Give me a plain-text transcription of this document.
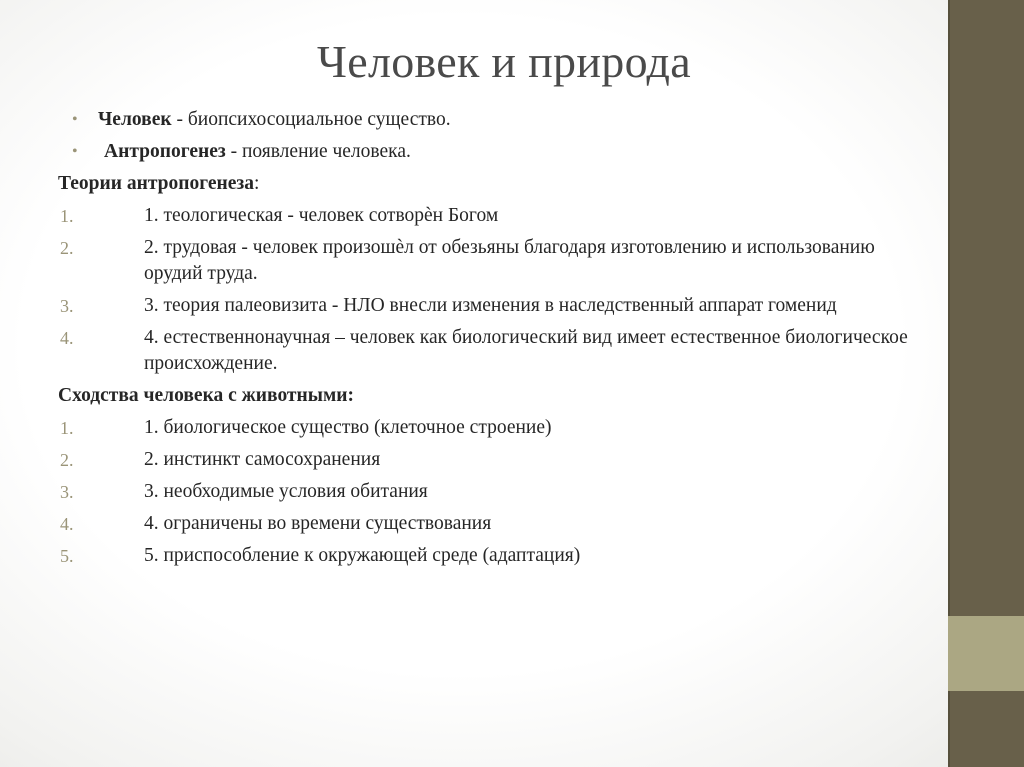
Человек и природа
• Человек - биопсихосоциальное существо.
• Антропогенез - появление человека.
Теории антропогенеза:
1.	1. теологическая - человек сотворѐн Богом
2.	2. трудовая - человек произошѐл от обезьяны благодаря изготовлению и использованию орудий труда.
3.	3. теория палеовизита - НЛО внесли изменения в наследственный аппарат гоменид
4.	4. естественнонаучная – человек как биологический вид имеет естественное биологическое происхождение.
Сходства человека с животными:
1.	1. биологическое существо (клеточное строение)
2.	2. инстинкт самосохранения
3.	3. необходимые условия обитания
4.	4. ограничены во времени существования
5.	5. приспособление к окружающей среде (адаптация)
